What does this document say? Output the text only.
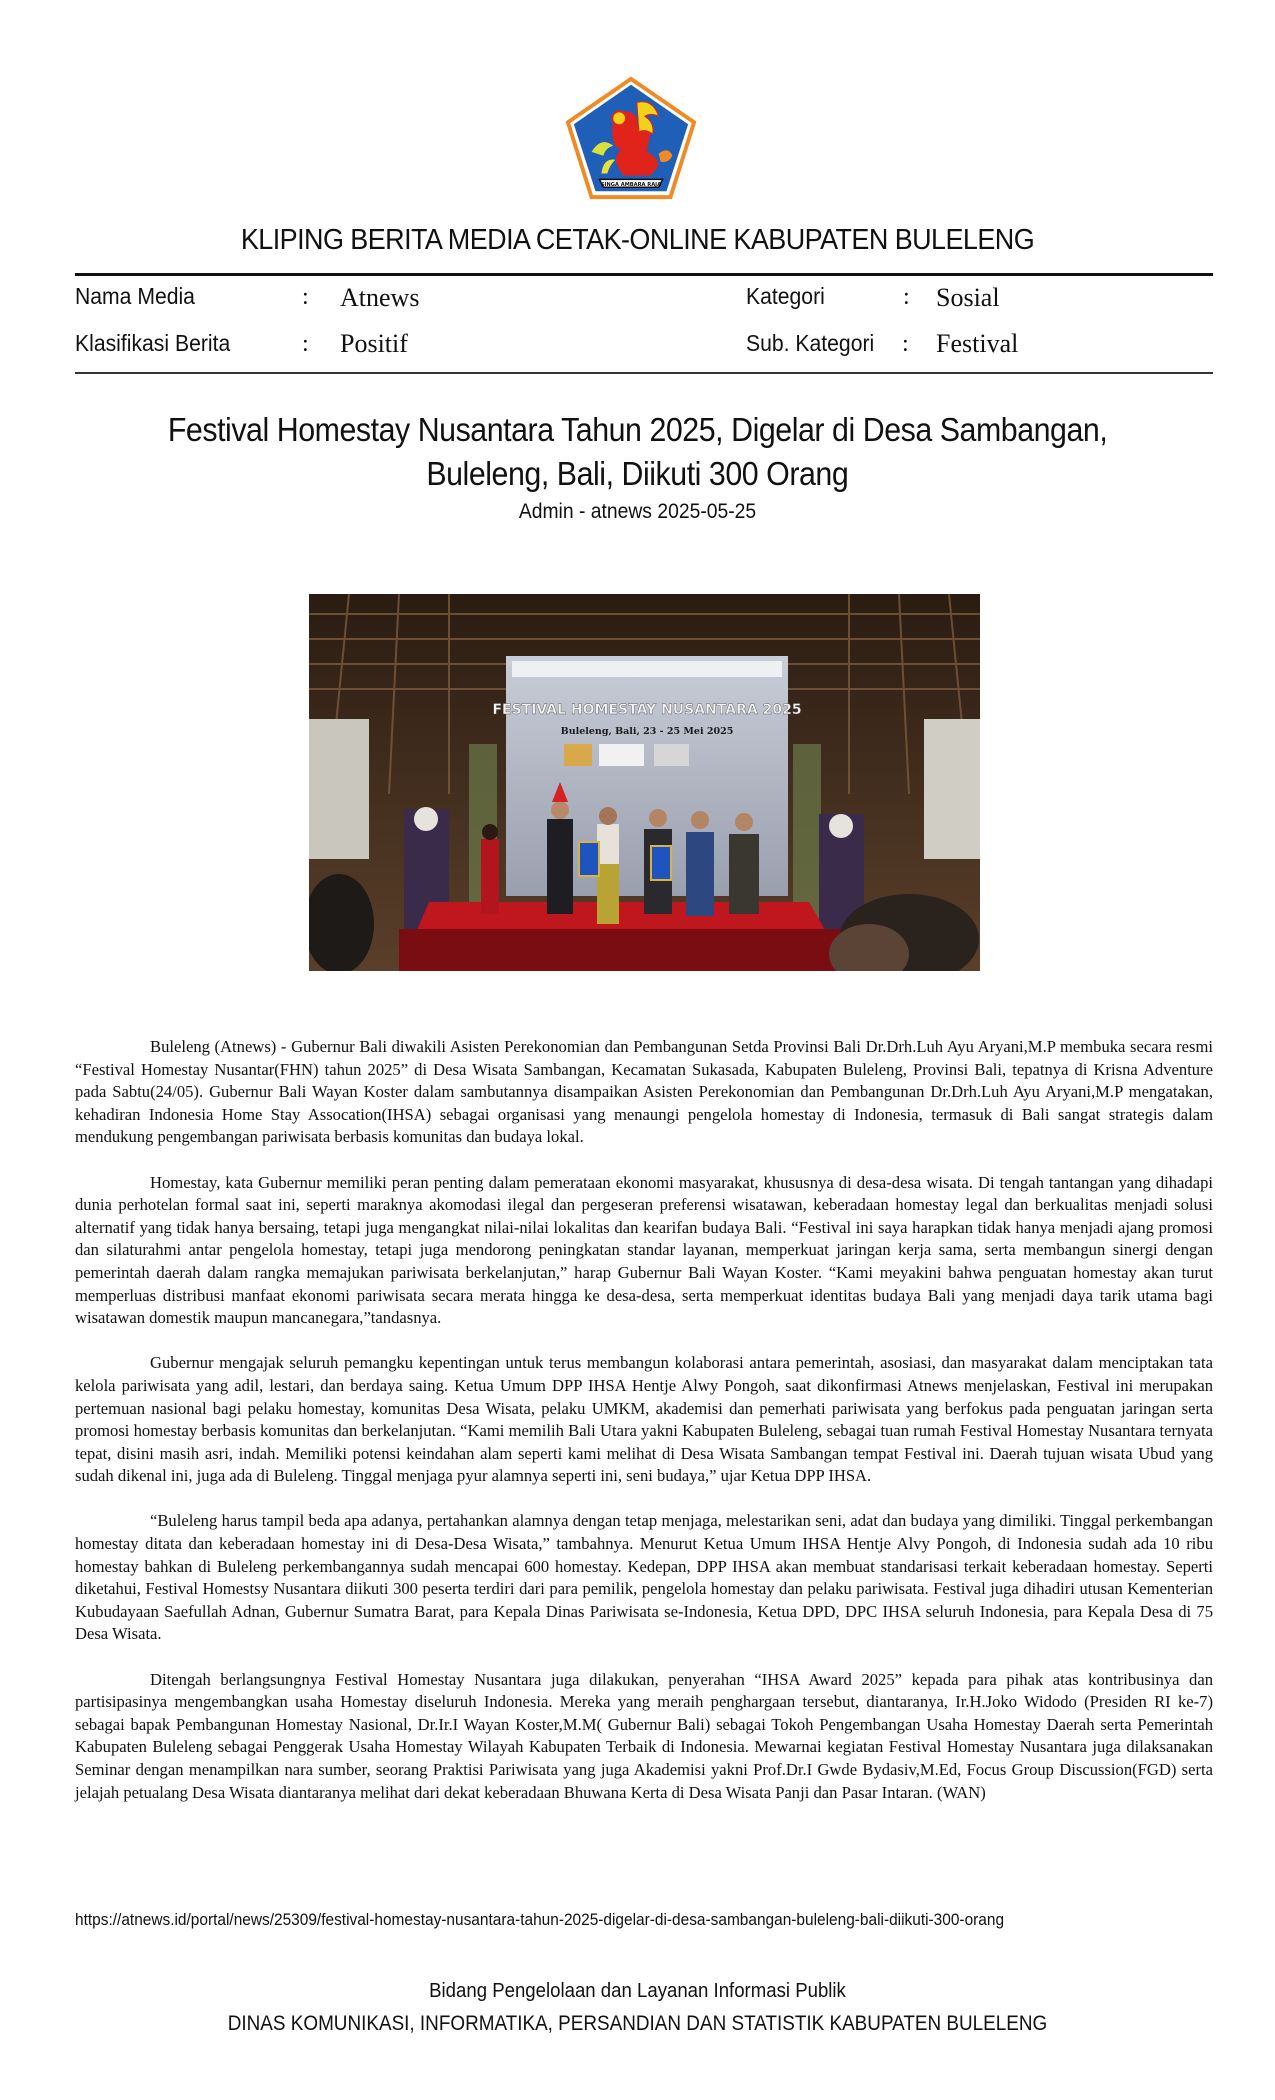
SINGA AMBARA RAJA
KLIPING BERITA MEDIA CETAK-ONLINE KABUPATEN BULELENG
Nama Media	: Atnews
Klasifikasi Berita	: Positif
Kategori	: Sosial
Sub. Kategori : Festival
Festival Homestay Nusantara Tahun 2025, Digelar di Desa Sambangan,
Buleleng, Bali, Diikuti 300 Orang
Admin - atnews 2025-05-25
FESTIVAL HOMESTAY NUSANTARA 2025
Buleleng, Bali, 23 - 25 Mei 2025

Buleleng (Atnews) - Gubernur Bali diwakili Asisten Perekonomian dan Pembangunan Setda Provinsi Bali Dr.Drh.Luh Ayu Aryani,M.P membuka secara resmi “Festival Homestay Nusantar(FHN) tahun 2025” di Desa Wisata Sambangan, Kecamatan Sukasada, Kabupaten Buleleng, Provinsi Bali, tepatnya di Krisna Adventure pada Sabtu(24/05). Gubernur Bali Wayan Koster dalam sambutannya disampaikan Asisten Perekonomian dan Pembangunan Dr.Drh.Luh Ayu Aryani,M.P mengatakan, kehadiran Indonesia Home Stay Assocation(IHSA) sebagai organisasi yang menaungi pengelola homestay di Indonesia, termasuk di Bali sangat strategis dalam mendukung pengembangan pariwisata berbasis komunitas dan budaya lokal.

Homestay, kata Gubernur memiliki peran penting dalam pemerataan ekonomi masyarakat, khususnya di desa-desa wisata. Di tengah tantangan yang dihadapi dunia perhotelan formal saat ini, seperti maraknya akomodasi ilegal dan pergeseran preferensi wisatawan, keberadaan homestay legal dan berkualitas menjadi solusi alternatif yang tidak hanya bersaing, tetapi juga mengangkat nilai-nilai lokalitas dan kearifan budaya Bali. “Festival ini saya harapkan tidak hanya menjadi ajang promosi dan silaturahmi antar pengelola homestay, tetapi juga mendorong peningkatan standar layanan, memperkuat jaringan kerja sama, serta membangun sinergi dengan pemerintah daerah dalam rangka memajukan pariwisata berkelanjutan,” harap Gubernur Bali Wayan Koster. “Kami meyakini bahwa penguatan homestay akan turut memperluas distribusi manfaat ekonomi pariwisata secara merata hingga ke desa-desa, serta memperkuat identitas budaya Bali yang menjadi daya tarik utama bagi wisatawan domestik maupun mancanegara,”tandasnya.

Gubernur mengajak seluruh pemangku kepentingan untuk terus membangun kolaborasi antara pemerintah, asosiasi, dan masyarakat dalam menciptakan tata kelola pariwisata yang adil, lestari, dan berdaya saing. Ketua Umum DPP IHSA Hentje Alwy Pongoh, saat dikonfirmasi Atnews menjelaskan, Festival ini merupakan pertemuan nasional bagi pelaku homestay, komunitas Desa Wisata, pelaku UMKM, akademisi dan pemerhati pariwisata yang berfokus pada penguatan jaringan serta promosi homestay berbasis komunitas dan berkelanjutan. “Kami memilih Bali Utara yakni Kabupaten Buleleng, sebagai tuan rumah Festival Homestay Nusantara ternyata tepat, disini masih asri, indah. Memiliki potensi keindahan alam seperti kami melihat di Desa Wisata Sambangan tempat Festival ini. Daerah tujuan wisata Ubud yang sudah dikenal ini, juga ada di Buleleng. Tinggal menjaga pyur alamnya seperti ini, seni budaya,” ujar Ketua DPP IHSA.

“Buleleng harus tampil beda apa adanya, pertahankan alamnya dengan tetap menjaga, melestarikan seni, adat dan budaya yang dimiliki. Tinggal perkembangan homestay ditata dan keberadaan homestay ini di Desa-Desa Wisata,” tambahnya. Menurut Ketua Umum IHSA Hentje Alvy Pongoh, di Indonesia sudah ada 10 ribu homestay bahkan di Buleleng perkembangannya sudah mencapai 600 homestay. Kedepan, DPP IHSA akan membuat standarisasi terkait keberadaan homestay. Seperti diketahui, Festival Homestsy Nusantara diikuti 300 peserta terdiri dari para pemilik, pengelola homestay dan pelaku pariwisata. Festival juga dihadiri utusan Kementerian Kubudayaan Saefullah Adnan, Gubernur Sumatra Barat, para Kepala Dinas Pariwisata se-Indonesia, Ketua DPD, DPC IHSA seluruh Indonesia, para Kepala Desa di 75 Desa Wisata.

Ditengah berlangsungnya Festival Homestay Nusantara juga dilakukan, penyerahan “IHSA Award 2025” kepada para pihak atas kontribusinya dan partisipasinya mengembangkan usaha Homestay diseluruh Indonesia. Mereka yang meraih penghargaan tersebut, diantaranya, Ir.H.Joko Widodo (Presiden RI ke-7) sebagai bapak Pembangunan Homestay Nasional, Dr.Ir.I Wayan Koster,M.M( Gubernur Bali) sebagai Tokoh Pengembangan Usaha Homestay Daerah serta Pemerintah Kabupaten Buleleng sebagai Penggerak Usaha Homestay Wilayah Kabupaten Terbaik di Indonesia. Mewarnai kegiatan Festival Homestay Nusantara juga dilaksanakan Seminar dengan menampilkan nara sumber, seorang Praktisi Pariwisata yang juga Akademisi yakni Prof.Dr.I Gwde Bydasiv,M.Ed, Focus Group Discussion(FGD) serta jelajah petualang Desa Wisata diantaranya melihat dari dekat keberadaan Bhuwana Kerta di Desa Wisata Panji dan Pasar Intaran. (WAN)

https://atnews.id/portal/news/25309/festival-homestay-nusantara-tahun-2025-digelar-di-desa-sambangan-buleleng-bali-diikuti-300-orang
Bidang Pengelolaan dan Layanan Informasi Publik
DINAS KOMUNIKASI, INFORMATIKA, PERSANDIAN DAN STATISTIK KABUPATEN BULELENG
